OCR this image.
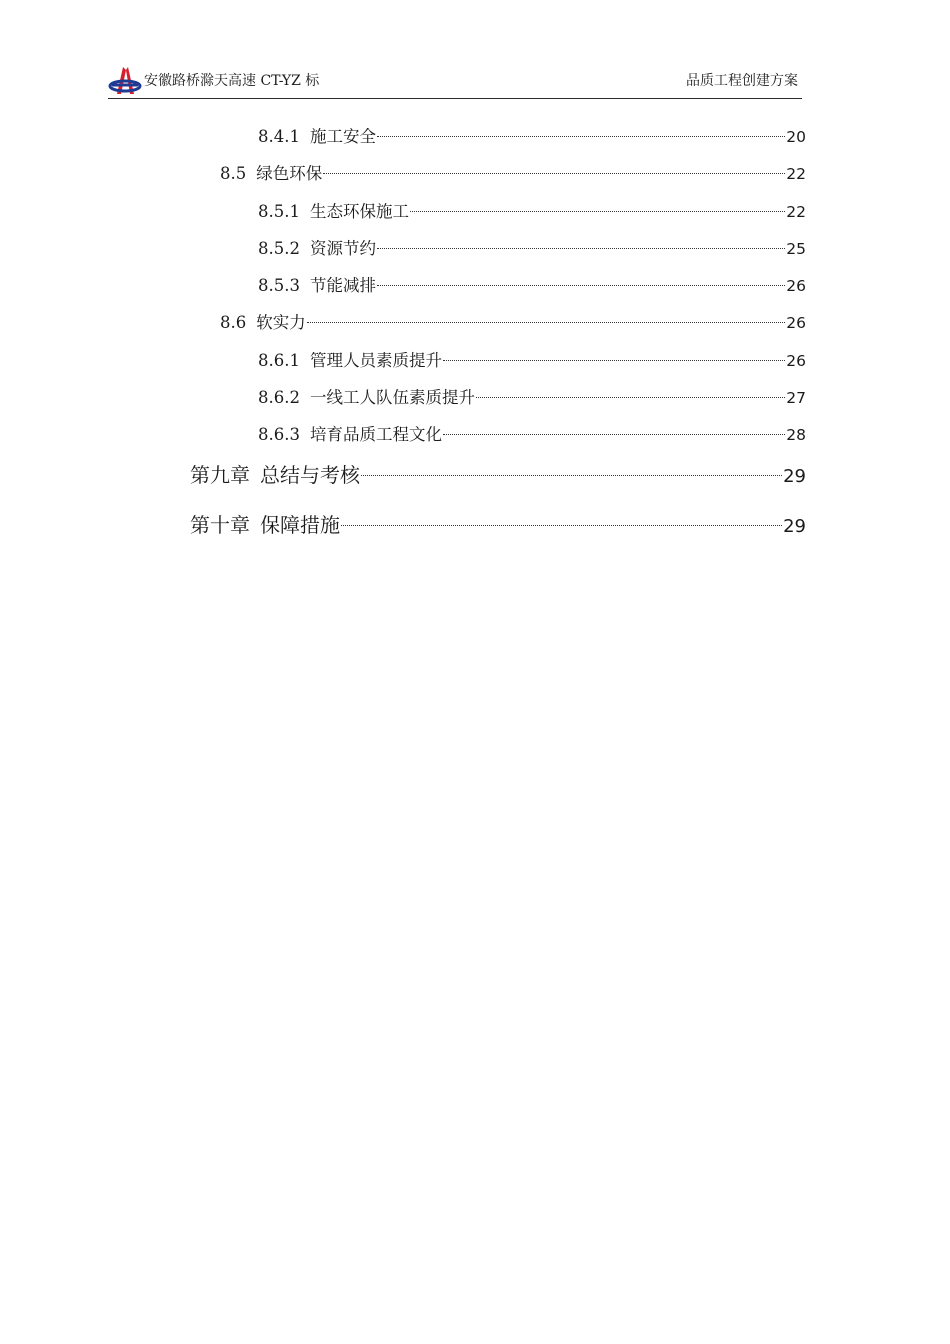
安徽路桥滁天高速 CT-YZ 标	品质工程创建方案
8.4.1 施工安全	20
8.5 绿色环保	22
8.5.1 生态环保施工	22
8.5.2 资源节约	25
8.5.3 节能减排	26
8.6 软实力	26
8.6.1 管理人员素质提升	26
8.6.2 一线工人队伍素质提升	27
8.6.3 培育品质工程文化	28
第九章 总结与考核	29
第十章 保障措施	29
